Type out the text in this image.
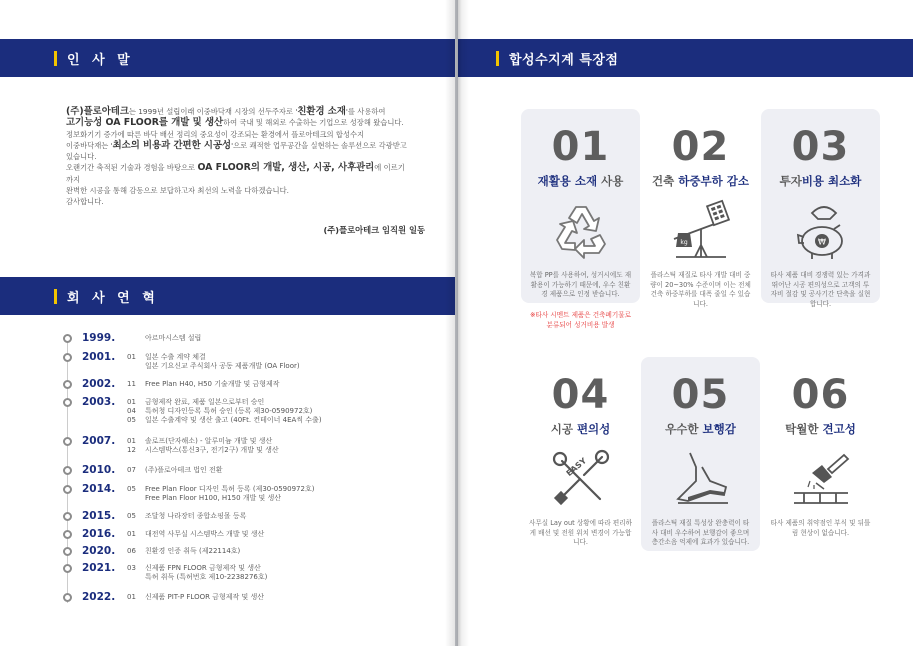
인 사 말

(주)플로아테크는 1999년 설립이래 이중바닥재 시장의 선두주자로 '친환경 소재'를 사용하여

고기능성 OA FLOOR를 개발 및 생산하여 국내 및 해외로 수출하는 기업으로 성장해 왔습니다.

정보화기기 증가에 따른 바닥 배선 정리의 중요성이 강조되는 환경에서 플로아테크의 합성수지

이중바닥재는 '최소의 비용과 간편한 시공성'으로 쾌적한 업무공간을 실현하는 솔루션으로 각광받고

있습니다.

오랜기간 축적된 기술과 경험을 바탕으로 OA FLOOR의 개발, 생산, 시공, 사후관리에 이르기까지

완벽한 시공을 통해 감동으로 보답하고자 최선의 노력을 다하겠습니다.

감사합니다.

(주)플로아테크 임직원 일동
회 사 연 혁
1999.	아르마시스템 설립
2001. 01 일본 수출 계약 체결
일본 기요신교 주식회사 공동 제품개발 (OA Floor)
2002. 11 Free Plan H40, H50 기술개발 및 금형제작
2003. 01 금형제작 완료, 제품 일본으로부터 승인
04 특허청 디자인등록 특허 승인 (등록 제30-0590972호)
05 일본 수출계약 및 생산 출고 (40Ft. 컨테이너 4EA씩 수출)
2007. 01 솔로프(단자해소) - 알루미늄 개발 및 생산
12 시스템박스(통신3구, 전기2구) 개발 및 생산
2010. 07 (주)플로아테크 법인 전환
2014. 05 Free Plan Floor 디자인 특허 등록 (제30-0590972호)
Free Plan Floor H100, H150 개발 및 생산
2015. 05 조달청 나라장터 종합쇼핑몰 등록
2016. 01 대전역 사무실 시스템박스 개발 및 생산
2020. 06 친환경 인증 취득 (제22114호)
2021. 03 신제품 FPN FLOOR 금형제작 및 생산
특허 취득 (특허번호 제10-2238276호)
2022. 01 신제품 PIT-P FLOOR 금형제작 및 생산
합성수지계 특장점
01
재활용 소재 사용
복합 PP를 사용하여, 성거시에도 재활용이 가능하기 때문에, 우수 친환경 제품으로 인정 받습니다.
※타사 시멘트 제품은 건축폐기물로 분류되어 성거비용 발생
02
건축 하중부하 감소
kg
플라스틱 재질로 타사 개발 대비 중량이 20~30% 수준이며 이는 전체 건축 하중부하를 대폭 줄일 수 있습니다.
03
투자비용 최소화
₩
타사 제품 대비 경쟁력 있는 가격과 뛰어난 시공 편의성으로 고객의 투자비 절감 및 공사기간 단축을 실현합니다.
04
시공 편의성
EASY
사무실 Lay out 상황에 따라 편리하게 배선 및 전원 위치 변경이 가능합니다.
05
우수한 보행감
플라스틱 재질 특성상 완충력이 타사 대비 우수하여 보행감이 좋으며 층간소음 억제에 효과가 있습니다.
06
탁월한 견고성
타사 제품의 취약점인 부식 및 뒤틀림 현상이 없습니다.
